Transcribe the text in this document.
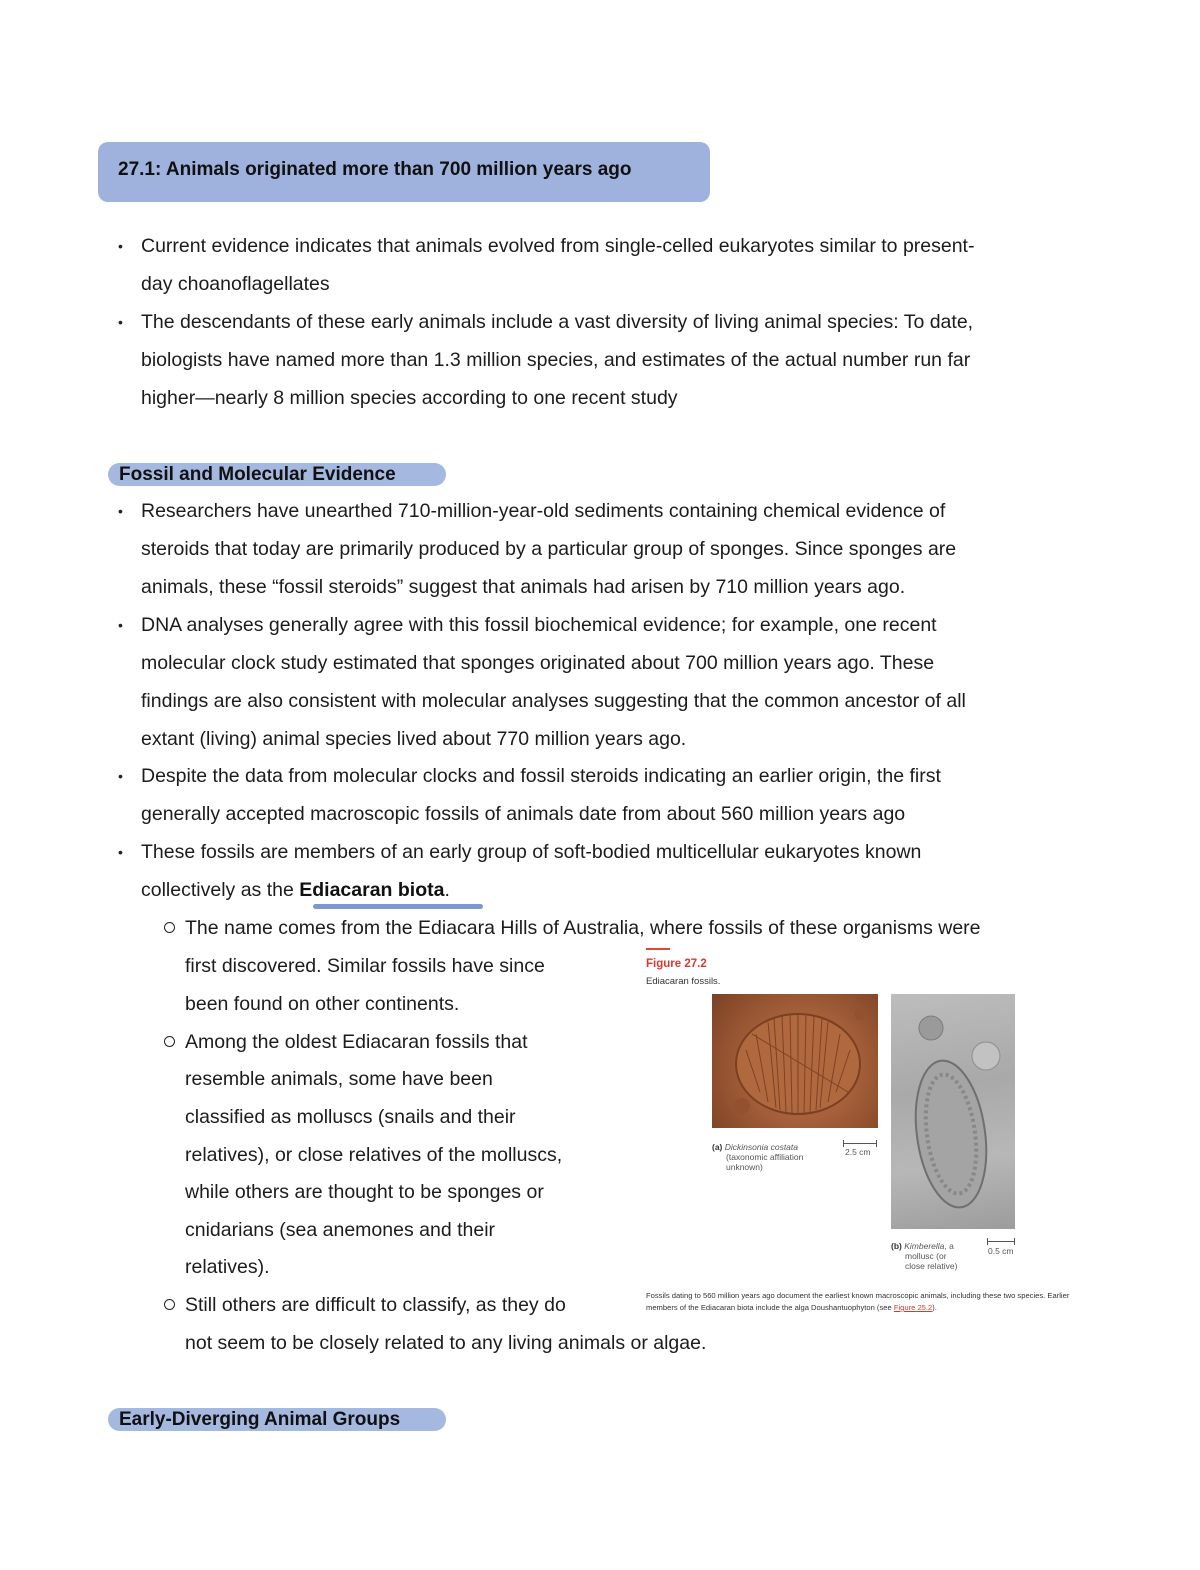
27.1: Animals originated more than 700 million years ago
• Current evidence indicates that animals evolved from single-celled eukaryotes similar to present-
day choanoflagellates
• The descendants of these early animals include a vast diversity of living animal species: To date,
biologists have named more than 1.3 million species, and estimates of the actual number run far
higher—nearly 8 million species according to one recent study
Fossil and Molecular Evidence
• Researchers have unearthed 710-million-year-old sediments containing chemical evidence of
steroids that today are primarily produced by a particular group of sponges. Since sponges are
animals, these “fossil steroids” suggest that animals had arisen by 710 million years ago.
• DNA analyses generally agree with this fossil biochemical evidence; for example, one recent
molecular clock study estimated that sponges originated about 700 million years ago. These
findings are also consistent with molecular analyses suggesting that the common ancestor of all
extant (living) animal species lived about 770 million years ago.
• Despite the data from molecular clocks and fossil steroids indicating an earlier origin, the first
generally accepted macroscopic fossils of animals date from about 560 million years ago
• These fossils are members of an early group of soft-bodied multicellular eukaryotes known
collectively as the Ediacaran biota.
The name comes from the Ediacara Hills of Australia, where fossils of these organisms were
first discovered. Similar fossils have since
been found on other continents.
Among the oldest Ediacaran fossils that
resemble animals, some have been
classified as molluscs (snails and their
relatives), or close relatives of the molluscs,
while others are thought to be sponges or
cnidarians (sea anemones and their
relatives).
Still others are difficult to classify, as they do
not seem to be closely related to any living animals or algae.
Early-Diverging Animal Groups
Figure 27.2
Ediacaran fossils.
(a) Dickinsonia costata
(taxonomic affiliation
unknown)
2.5 cm
(b) Kimberella, a
mollusc (or
close relative)
0.5 cm
Fossils dating to 560 million years ago document the earliest known macroscopic animals, including these two species. Earlier
members of the Ediacaran biota include the alga Doushantuophyton (see Figure 25.2).
